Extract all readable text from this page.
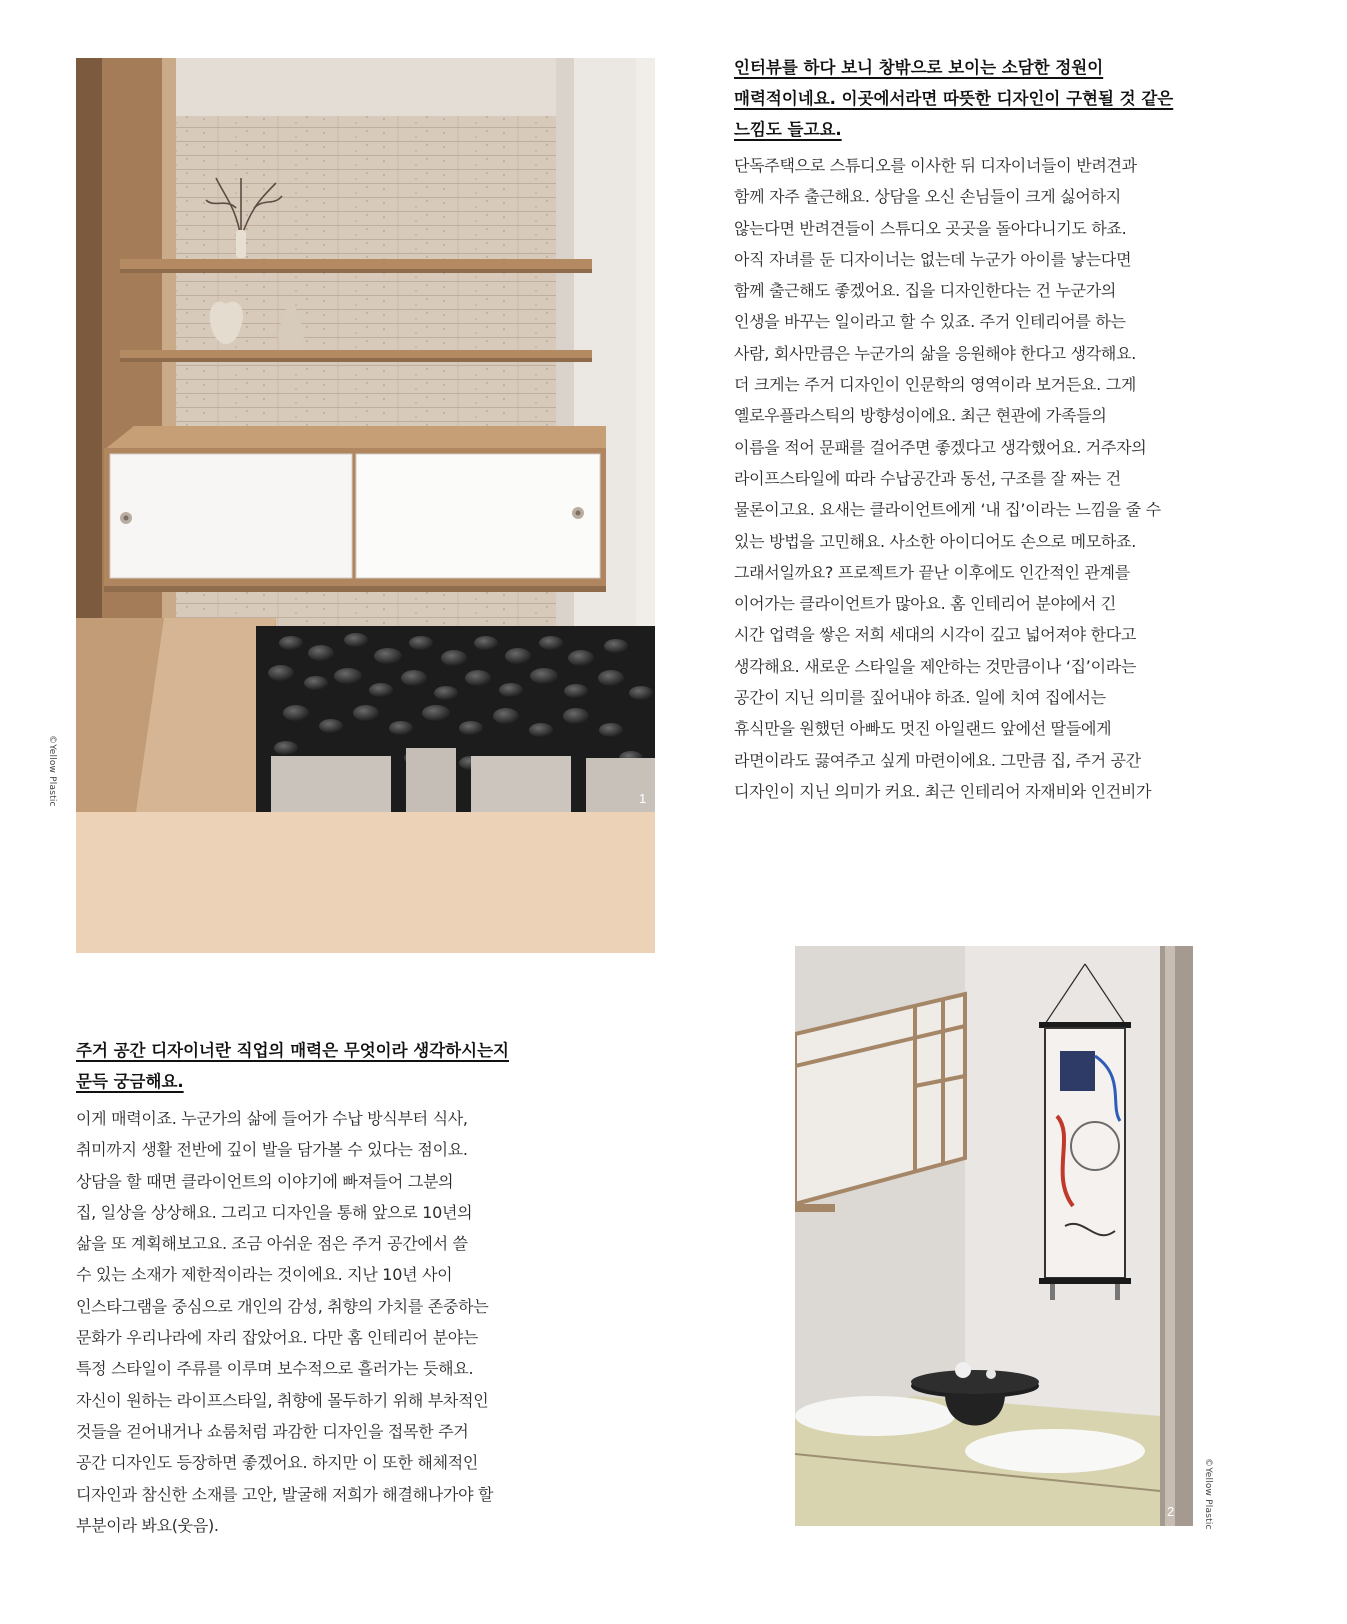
1
©Yellow Plastic
인터뷰를 하다 보니 창밖으로 보이는 소담한 정원이
매력적이네요. 이곳에서라면 따뜻한 디자인이 구현될 것 같은
느낌도 들고요.
단독주택으로 스튜디오를 이사한 뒤 디자이너들이 반려견과
함께 자주 출근해요. 상담을 오신 손님들이 크게 싫어하지
않는다면 반려견들이 스튜디오 곳곳을 돌아다니기도 하죠.
아직 자녀를 둔 디자이너는 없는데 누군가 아이를 낳는다면
함께 출근해도 좋겠어요. 집을 디자인한다는 건 누군가의
인생을 바꾸는 일이라고 할 수 있죠. 주거 인테리어를 하는
사람, 회사만큼은 누군가의 삶을 응원해야 한다고 생각해요.
더 크게는 주거 디자인이 인문학의 영역이라 보거든요. 그게
옐로우플라스틱의 방향성이에요. 최근 현관에 가족들의
이름을 적어 문패를 걸어주면 좋겠다고 생각했어요. 거주자의
라이프스타일에 따라 수납공간과 동선, 구조를 잘 짜는 건
물론이고요. 요새는 클라이언트에게 ‘내 집’이라는 느낌을 줄 수
있는 방법을 고민해요. 사소한 아이디어도 손으로 메모하죠.
그래서일까요? 프로젝트가 끝난 이후에도 인간적인 관계를
이어가는 클라이언트가 많아요. 홈 인테리어 분야에서 긴
시간 업력을 쌓은 저희 세대의 시각이 깊고 넓어져야 한다고
생각해요. 새로운 스타일을 제안하는 것만큼이나 ‘집’이라는
공간이 지닌 의미를 짚어내야 하죠. 일에 치여 집에서는
휴식만을 원했던 아빠도 멋진 아일랜드 앞에선 딸들에게
라면이라도 끓여주고 싶게 마련이에요. 그만큼 집, 주거 공간
디자인이 지닌 의미가 커요. 최근 인테리어 자재비와 인건비가
주거 공간 디자이너란 직업의 매력은 무엇이라 생각하시는지
문득 궁금해요.
이게 매력이죠. 누군가의 삶에 들어가 수납 방식부터 식사,
취미까지 생활 전반에 깊이 발을 담가볼 수 있다는 점이요.
상담을 할 때면 클라이언트의 이야기에 빠져들어 그분의
집, 일상을 상상해요. 그리고 디자인을 통해 앞으로 10년의
삶을 또 계획해보고요. 조금 아쉬운 점은 주거 공간에서 쓸
수 있는 소재가 제한적이라는 것이에요. 지난 10년 사이
인스타그램을 중심으로 개인의 감성, 취향의 가치를 존중하는
문화가 우리나라에 자리 잡았어요. 다만 홈 인테리어 분야는
특정 스타일이 주류를 이루며 보수적으로 흘러가는 듯해요.
자신이 원하는 라이프스타일, 취향에 몰두하기 위해 부차적인
것들을 걷어내거나 쇼룸처럼 과감한 디자인을 접목한 주거
공간 디자인도 등장하면 좋겠어요. 하지만 이 또한 해체적인
디자인과 참신한 소재를 고안, 발굴해 저희가 해결해나가야 할
부분이라 봐요(웃음).
2	©Yellow Plastic
